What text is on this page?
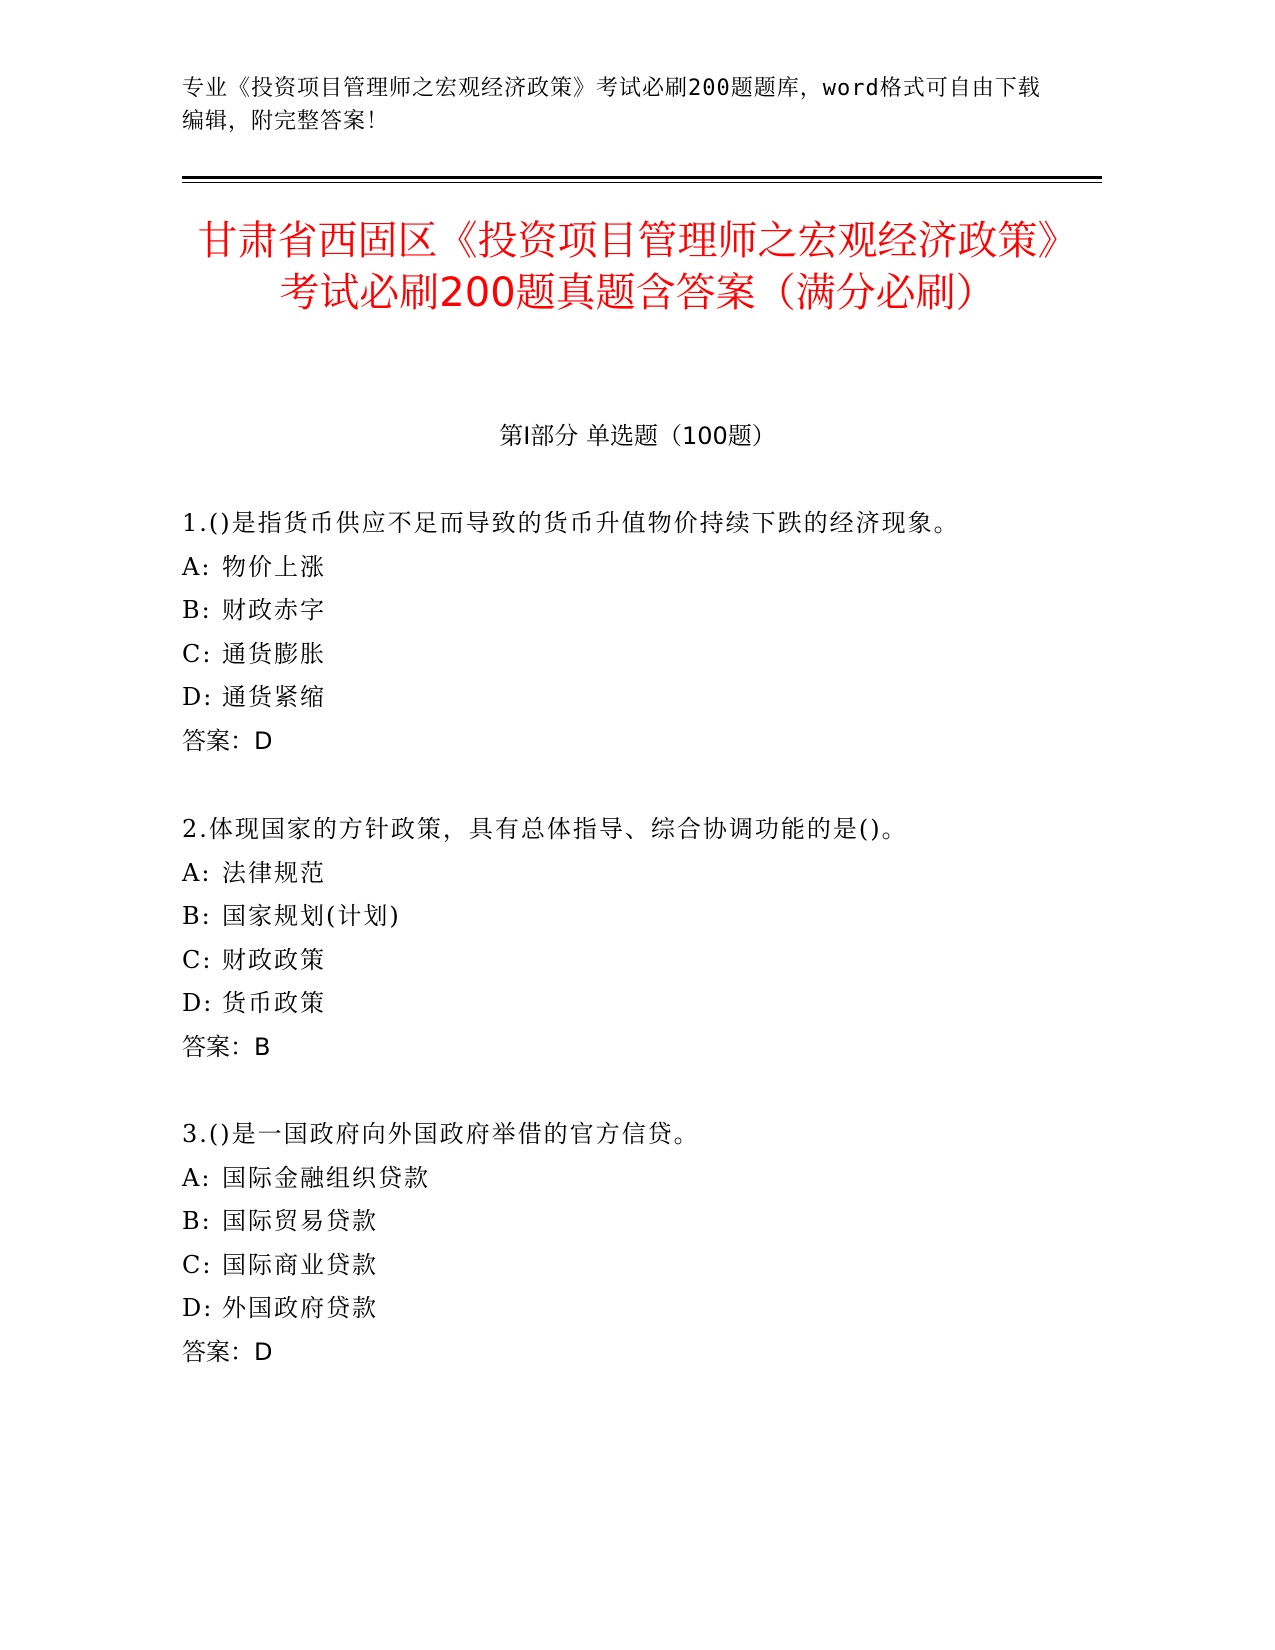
专业《投资项目管理师之宏观经济政策》考试必刷200题题库，word格式可自由下载编辑，附完整答案！
甘肃省西固区《投资项目管理师之宏观经济政策》考试必刷200题真题含答案（满分必刷）
第Ⅰ部分 单选题（100题）
1.()是指货币供应不足而导致的货币升值物价持续下跌的经济现象。
A: 物价上涨
B: 财政赤字
C: 通货膨胀
D: 通货紧缩
答案：D
2.体现国家的方针政策，具有总体指导、综合协调功能的是()。
A: 法律规范
B: 国家规划(计划)
C: 财政政策
D: 货币政策
答案：B
3.()是一国政府向外国政府举借的官方信贷。
A: 国际金融组织贷款
B: 国际贸易贷款
C: 国际商业贷款
D: 外国政府贷款
答案：D
